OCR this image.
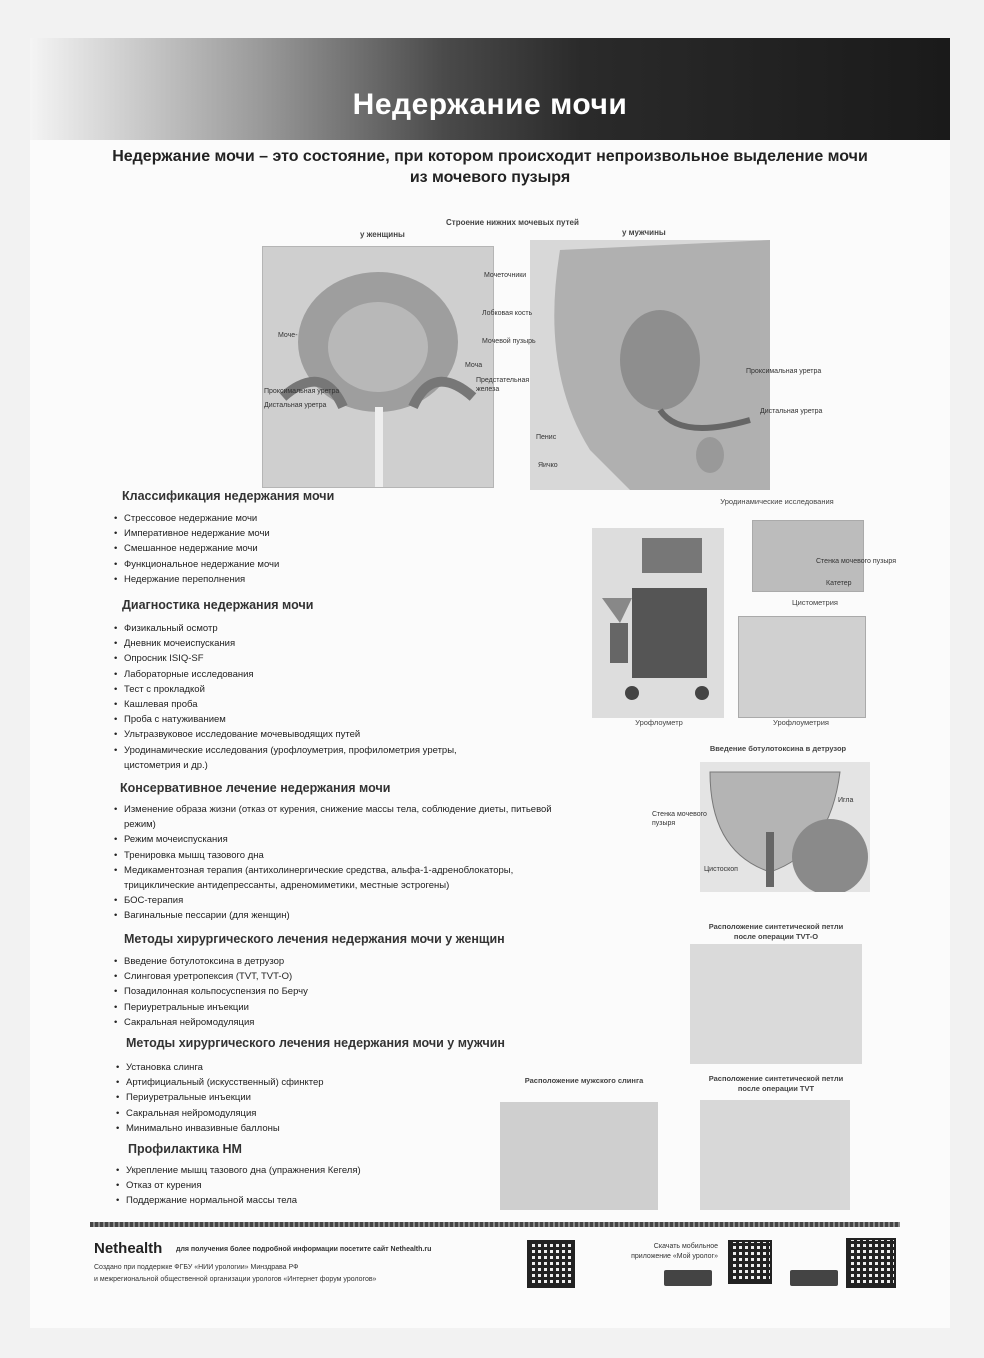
Недержание мочи
Недержание мочи – это состояние, при котором происходит непроизвольное выделение мочи
из мочевого пузыря
Строение нижних мочевых путей
у женщины	у мужчины
Мочеточники
Лобковая кость
Мочевой пузырь
Предстательная железа
Пенис
Яичко
Моче-
Моча
Проксимальная уретра
Дистальная уретра
Проксимальная уретра
Дистальная уретра
Классификация недержания мочи
• Стрессовое недержание мочи
• Императивное недержание мочи
• Смешанное недержание мочи
• Функциональное недержание мочи
• Недержание переполнения
Диагностика недержания мочи
• Физикальный осмотр
• Дневник мочеиспускания
• Опросник ISIQ-SF
• Лабораторные исследования
• Тест с прокладкой
• Кашлевая проба
• Проба с натуживанием
• Ультразвуковое исследование мочевыводящих путей
• Уродинамические исследования (урофлоуметрия, профилометрия уретры, цистометрия и др.)
Консервативное лечение недержания мочи
• Изменение образа жизни (отказ от курения, снижение массы тела, соблюдение диеты, питьевой режим)
• Режим мочеиспускания
• Тренировка мышц тазового дна
• Медикаментозная терапия (антихолинергические средства, альфа-1-адреноблокаторы, трициклические антидепрессанты, адреномиметики, местные эстрогены)
• БОС-терапия
• Вагинальные пессарии (для женщин)
Методы хирургического лечения недержания мочи у женщин
• Введение ботулотоксина в детрузор
• Слинговая уретропексия (TVT, TVT-O)
• Позадилонная кольпосуспензия по Берчу
• Периуретральные инъекции
• Сакральная нейромодуляция
Методы хирургического лечения недержания мочи у мужчин
• Установка слинга
• Артифициальный (искусственный) сфинктер
• Периуретральные инъекции
• Сакральная нейромодуляция
• Минимально инвазивные баллоны
Профилактика НМ
• Укрепление мышц тазового дна (упражнения Кегеля)
• Отказ от курения
• Поддержание нормальной массы тела
Уродинамические исследования
Стенка мочевого пузыря
Катетер
Цистометрия
Урофлоуметр	Урофлоуметрия
Введение ботулотоксина в детрузор
Стенка мочевого пузыря
Игла
Цистоскоп
Расположение синтетической петли
после операции TVT-O
Расположение мужского слинга	Расположение синтетической петли
после операции TVT
Nethealth для получения более подробной информации посетите сайт Nethealth.ru
Создано при поддержке ФГБУ «НИИ урологии» Минздрава РФ
и межрегиональной общественной организации урологов «Интернет форум урологов»
Скачать мобильное
приложение «Мой уролог»
